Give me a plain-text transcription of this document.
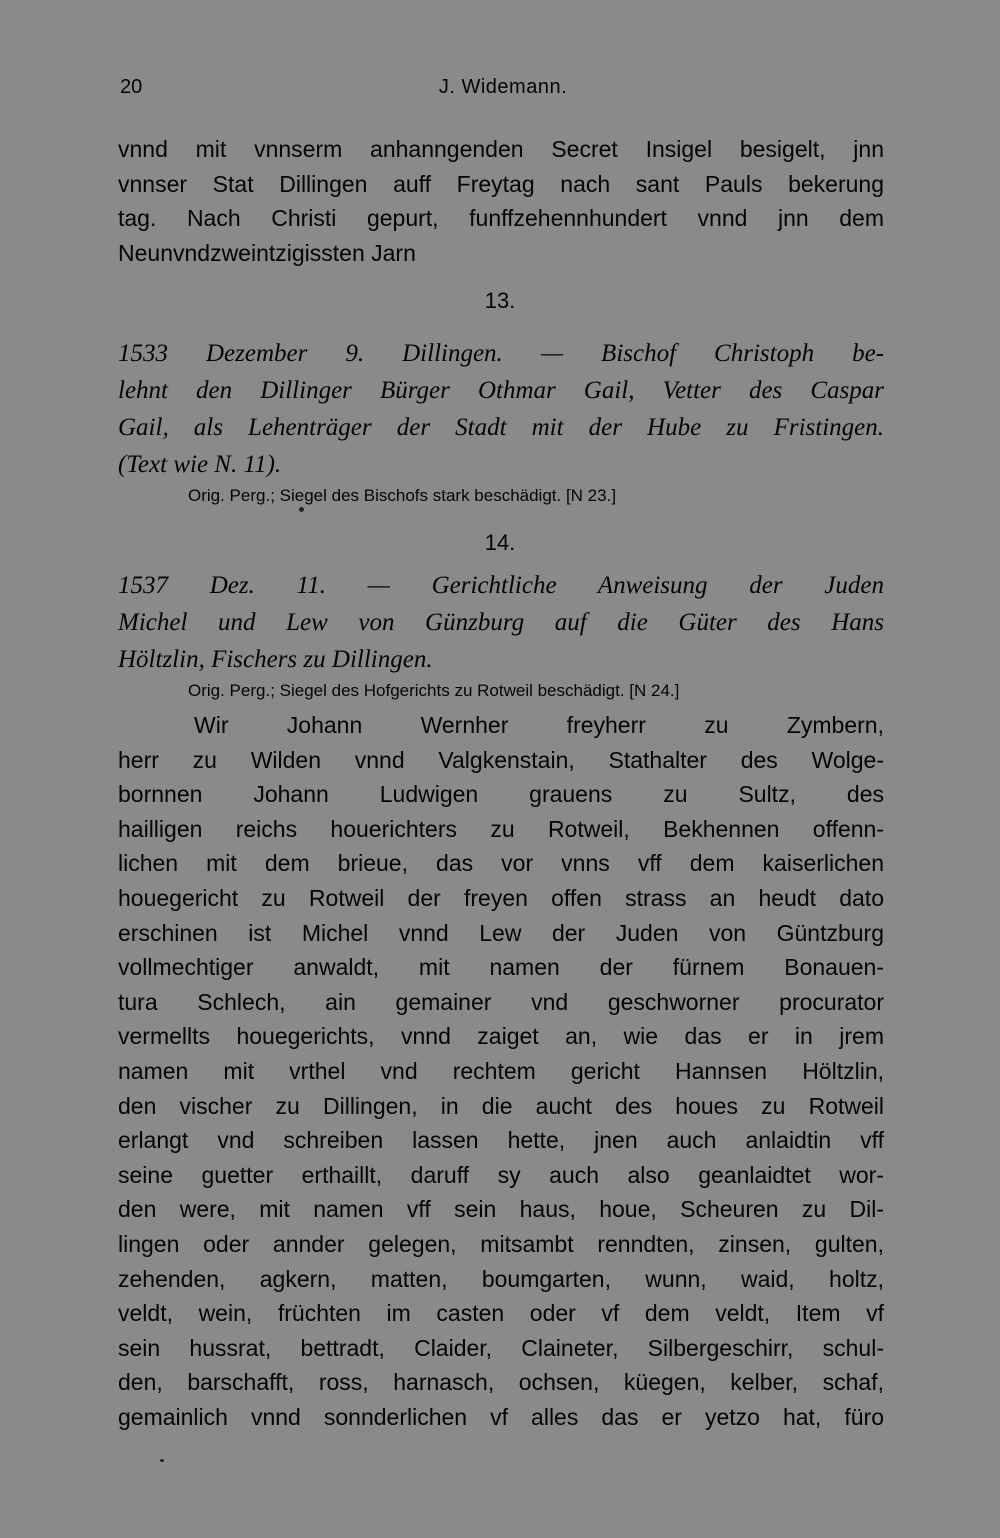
20	J. Widemann.
vnnd mit vnnserm anhanngenden Secret Insigel besigelt, jnn
vnnser Stat Dillingen auff Freytag nach sant Pauls bekerung
tag. Nach Christi gepurt, funffzehennhundert vnnd jnn dem
Neunvndzweintzigissten Jarn
13.
1533 Dezember 9. Dillingen. — Bischof Christoph be-
lehnt den Dillinger Bürger Othmar Gail, Vetter des Caspar
Gail, als Lehenträger der Stadt mit der Hube zu Fristingen.
(Text wie N. 11).
Orig. Perg.; Siegel des Bischofs stark beschädigt. [N 23.]
14.
1537 Dez. 11. — Gerichtliche Anweisung der Juden
Michel und Lew von Günzburg auf die Güter des Hans
Höltzlin, Fischers zu Dillingen.
Orig. Perg.; Siegel des Hofgerichts zu Rotweil beschädigt. [N 24.]
Wir Johann Wernher freyherr zu Zymbern,
herr zu Wilden vnnd Valgkenstain, Stathalter des Wolge-
bornnen Johann Ludwigen grauens zu Sultz, des
hailligen reichs houerichters zu Rotweil, Bekhennen offenn-
lichen mit dem brieue, das vor vnns vff dem kaiserlichen
houegericht zu Rotweil der freyen offen strass an heudt dato
erschinen ist Michel vnnd Lew der Juden von Güntzburg
vollmechtiger anwaldt, mit namen der fürnem Bonauen-
tura Schlech, ain gemainer vnd geschworner procurator
vermellts houegerichts, vnnd zaiget an, wie das er in jrem
namen mit vrthel vnd rechtem gericht Hannsen Höltzlin,
den vischer zu Dillingen, in die aucht des houes zu Rotweil
erlangt vnd schreiben lassen hette, jnen auch anlaidtin vff
seine guetter erthaillt, daruff sy auch also geanlaidtet wor-
den were, mit namen vff sein haus, houe, Scheuren zu Dil-
lingen oder annder gelegen, mitsambt renndten, zinsen, gulten,
zehenden, agkern, matten, boumgarten, wunn, waid, holtz,
veldt, wein, früchten im casten oder vf dem veldt, Item vf
sein hussrat, bettradt, Claider, Claineter, Silbergeschirr, schul-
den, barschafft, ross, harnasch, ochsen, küegen, kelber, schaf,
gemainlich vnnd sonnderlichen vf alles das er yetzo hat, füro
